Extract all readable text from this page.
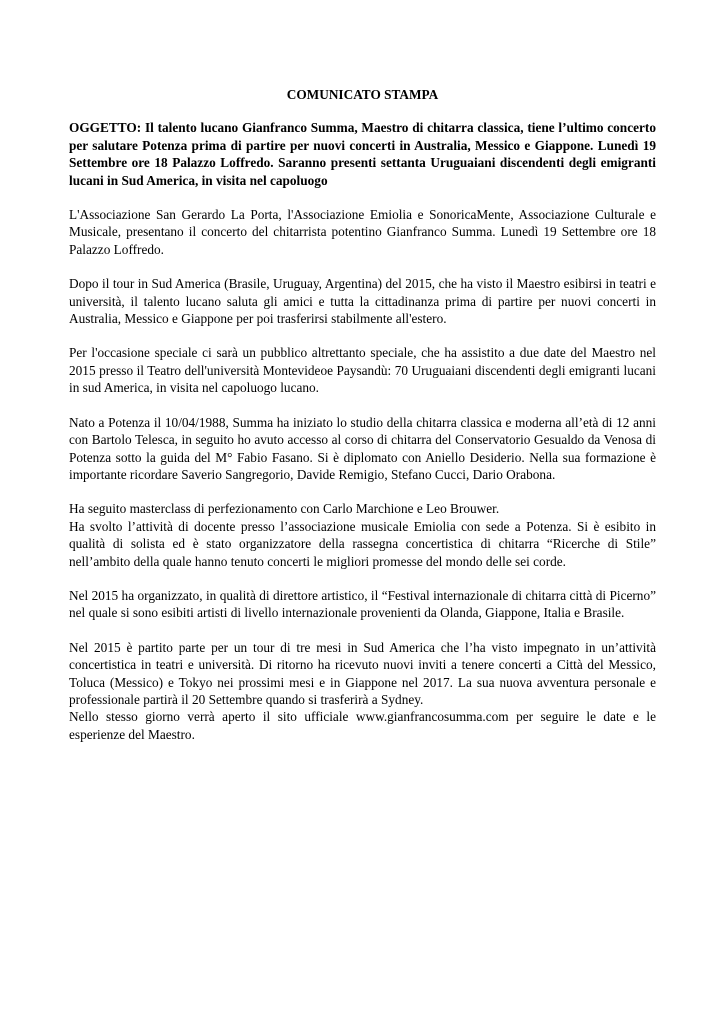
COMUNICATO STAMPA
OGGETTO: Il talento lucano Gianfranco Summa, Maestro di chitarra classica, tiene l’ultimo concerto per salutare Potenza prima di partire per nuovi concerti in Australia, Messico e Giappone. Lunedì 19 Settembre ore 18 Palazzo Loffredo. Saranno presenti settanta Uruguaiani discendenti degli emigranti lucani in Sud America, in visita nel capoluogo
L'Associazione San Gerardo La Porta, l'Associazione Emiolia e SonoricaMente, Associazione Culturale e Musicale, presentano il concerto del chitarrista potentino Gianfranco Summa. Lunedì 19 Settembre ore 18 Palazzo Loffredo.
Dopo il tour in Sud America (Brasile, Uruguay, Argentina) del 2015, che ha visto il Maestro esibirsi in teatri e università, il talento lucano saluta gli amici e tutta la cittadinanza prima di partire per nuovi concerti in Australia, Messico e Giappone per poi trasferirsi stabilmente all'estero.
Per l'occasione speciale ci sarà un pubblico altrettanto speciale, che ha assistito a due date del Maestro nel 2015 presso il Teatro dell'università Montevideoe Paysandù: 70 Uruguaiani discendenti degli emigranti lucani in sud America, in visita nel capoluogo lucano.
Nato a Potenza il 10/04/1988, Summa ha iniziato lo studio della chitarra classica e moderna all’età di 12 anni con Bartolo Telesca, in seguito ho avuto accesso al corso di chitarra del Conservatorio Gesualdo da Venosa di Potenza sotto la guida del M° Fabio Fasano. Si è diplomato con Aniello Desiderio. Nella sua formazione è importante ricordare Saverio Sangregorio, Davide Remigio, Stefano Cucci, Dario Orabona.
Ha seguito masterclass di perfezionamento con Carlo Marchione e Leo Brouwer.
Ha svolto l’attività di docente presso l’associazione musicale Emiolia con sede a Potenza. Si è esibito in qualità di solista ed è stato organizzatore della rassegna concertistica di chitarra “Ricerche di Stile” nell’ambito della quale hanno tenuto concerti le migliori promesse del mondo delle sei corde.
Nel 2015 ha organizzato, in qualità di direttore artistico, il “Festival internazionale di chitarra città di Picerno” nel quale si sono esibiti artisti di livello internazionale provenienti da Olanda, Giappone, Italia e Brasile.
Nel 2015 è partito parte per un tour di tre mesi in Sud America che l’ha visto impegnato in un’attività concertistica in teatri e università. Di ritorno ha ricevuto nuovi inviti a tenere concerti a Città del Messico, Toluca (Messico) e Tokyo nei prossimi mesi e in Giappone nel 2017. La sua nuova avventura personale e professionale partirà il 20 Settembre quando si trasferirà a Sydney.
Nello stesso giorno verrà aperto il sito ufficiale www.gianfrancosumma.com per seguire le date e le esperienze del Maestro.
